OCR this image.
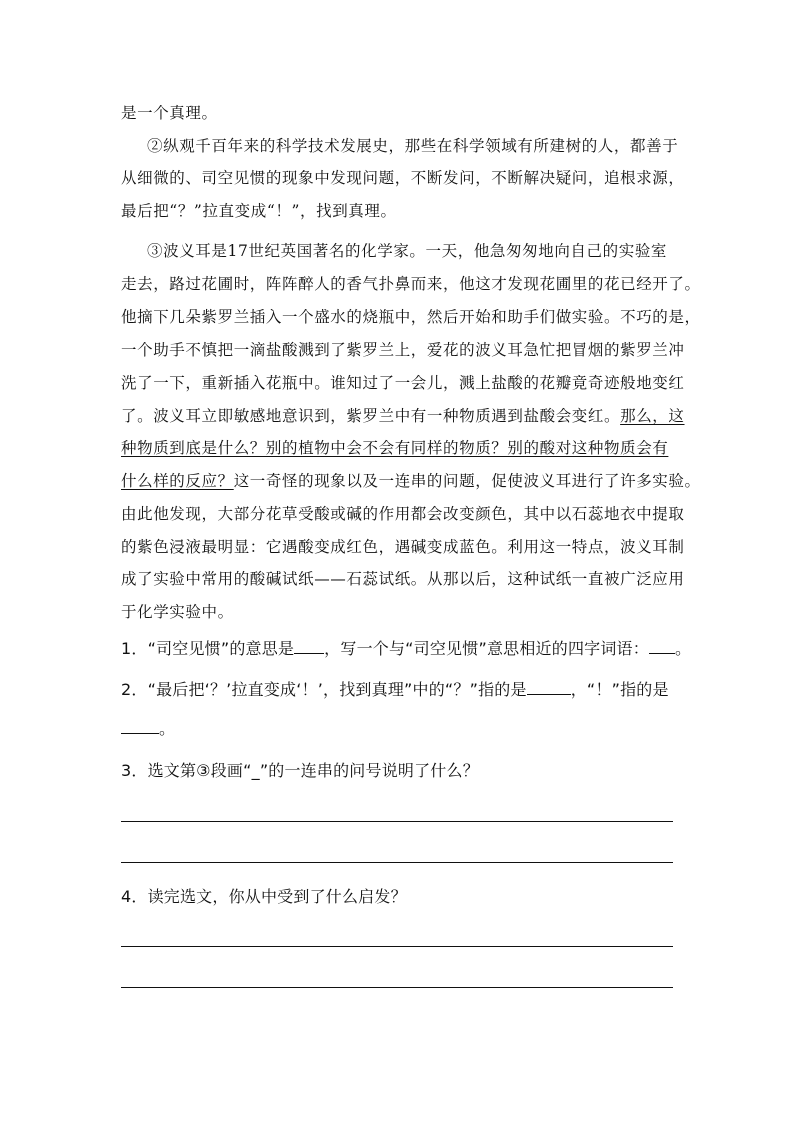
是一个真理。
②纵观千百年来的科学技术发展史，那些在科学领域有所建树的人，都善于
从细微的、司空见惯的现象中发现问题，不断发问，不断解决疑问，追根求源，
最后把“？”拉直变成“！”，找到真理。
③波义耳是17世纪英国著名的化学家。一天，他急匆匆地向自己的实验室
走去，路过花圃时，阵阵醉人的香气扑鼻而来，他这才发现花圃里的花已经开了。
他摘下几朵紫罗兰插入一个盛水的烧瓶中，然后开始和助手们做实验。不巧的是，
一个助手不慎把一滴盐酸溅到了紫罗兰上，爱花的波义耳急忙把冒烟的紫罗兰冲
洗了一下，重新插入花瓶中。谁知过了一会儿，溅上盐酸的花瓣竟奇迹般地变红
了。波义耳立即敏感地意识到，紫罗兰中有一种物质遇到盐酸会变红。那么，这
种物质到底是什么？别的植物中会不会有同样的物质？别的酸对这种物质会有
什么样的反应？这一奇怪的现象以及一连串的问题，促使波义耳进行了许多实验。
由此他发现，大部分花草受酸或碱的作用都会改变颜色，其中以石蕊地衣中提取
的紫色浸液最明显：它遇酸变成红色，遇碱变成蓝色。利用这一特点，波义耳制
成了实验中常用的酸碱试纸——石蕊试纸。从那以后，这种试纸一直被广泛应用
于化学实验中。
1．“司空见惯”的意思是 ，写一个与“司空见惯”意思相近的四字词语： 。
2．“最后把‘？’拉直变成‘！’，找到真理”中的“？”指的是	，“！”指的是
。
3．选文第③段画“_”的一连串的问号说明了什么？
4．读完选文，你从中受到了什么启发？
